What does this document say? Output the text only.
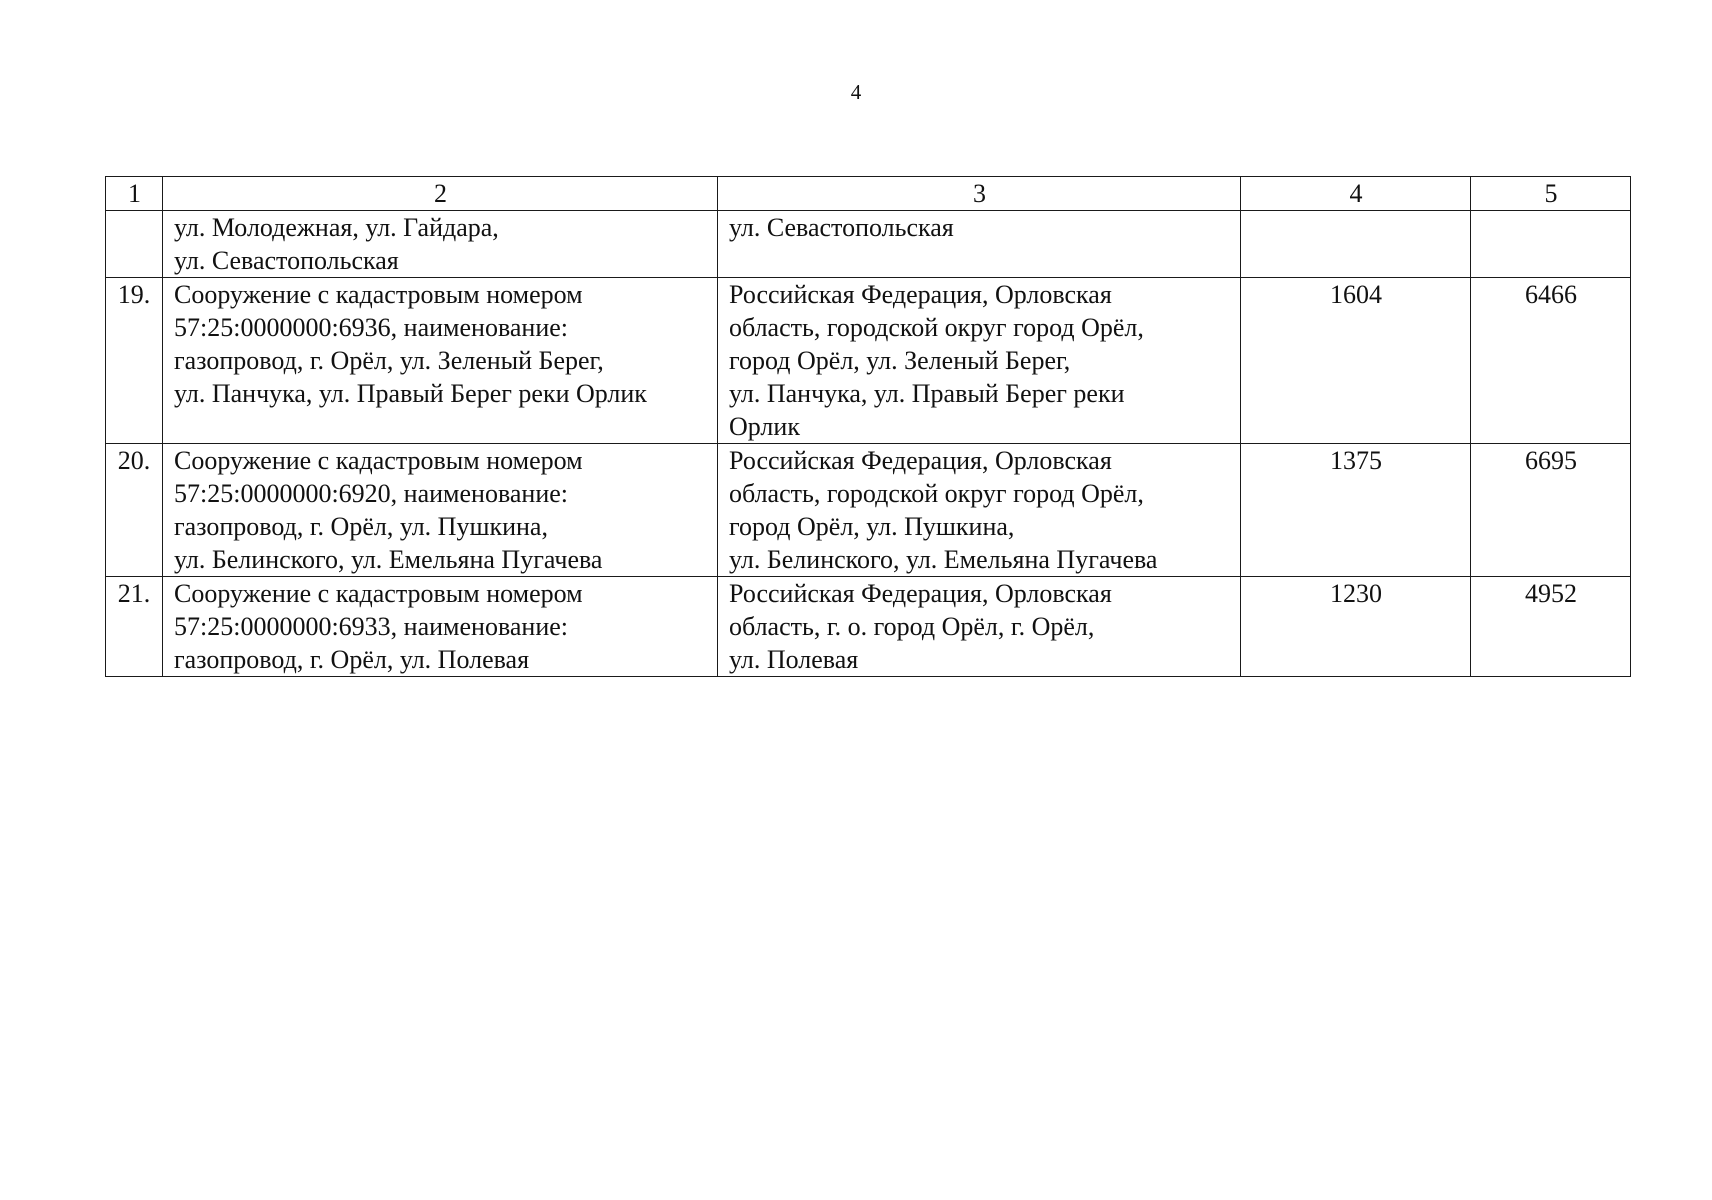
4
1	2	3	4	5

	ул. Молодежная, ул. Гайдара,
ул. Севастопольская	ул. Севастопольская		

19.	Сооружение с кадастровым номером
57:25:0000000:6936, наименование:
газопровод, г. Орёл, ул. Зеленый Берег,
ул. Панчука, ул. Правый Берег реки Орлик	Российская Федерация, Орловская
область, городской округ город Орёл,
город Орёл, ул. Зеленый Берег,
ул. Панчука, ул. Правый Берег реки
Орлик	1604	6466
20.	Сооружение с кадастровым номером
57:25:0000000:6920, наименование:
газопровод, г. Орёл, ул. Пушкина,
ул. Белинского, ул. Емельяна Пугачева	Российская Федерация, Орловская
область, городской округ город Орёл,
город Орёл, ул. Пушкина,
ул. Белинского, ул. Емельяна Пугачева	1375	6695
21.	Сооружение с кадастровым номером
57:25:0000000:6933, наименование:
газопровод, г. Орёл, ул. Полевая	Российская Федерация, Орловская
область, г. о. город Орёл, г. Орёл,
ул. Полевая	1230	4952
